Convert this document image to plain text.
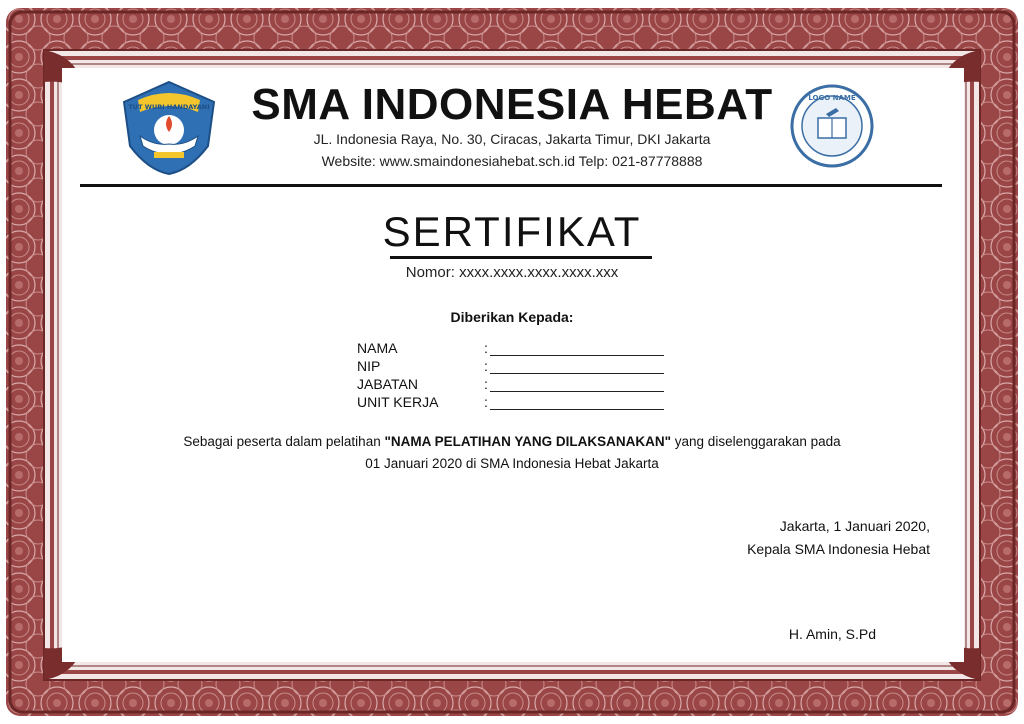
TUT WURI HANDAYANI
LOGO NAME
SMA INDONESIA HEBAT
JL. Indonesia Raya, No. 30, Ciracas, Jakarta Timur, DKI Jakarta
Website: www.smaindonesiahebat.sch.id Telp: 021-87778888
SERTIFIKAT
Nomor: xxxx.xxxx.xxxx.xxxx.xxx
Diberikan Kepada:
NAMA	:
NIP	:
JABATAN	:
UNIT KERJA	:
Sebagai peserta dalam pelatihan "NAMA PELATIHAN YANG DILAKSANAKAN" yang diselenggarakan pada
01 Januari 2020 di SMA Indonesia Hebat Jakarta
Jakarta, 1 Januari 2020,
Kepala SMA Indonesia Hebat
H. Amin, S.Pd
